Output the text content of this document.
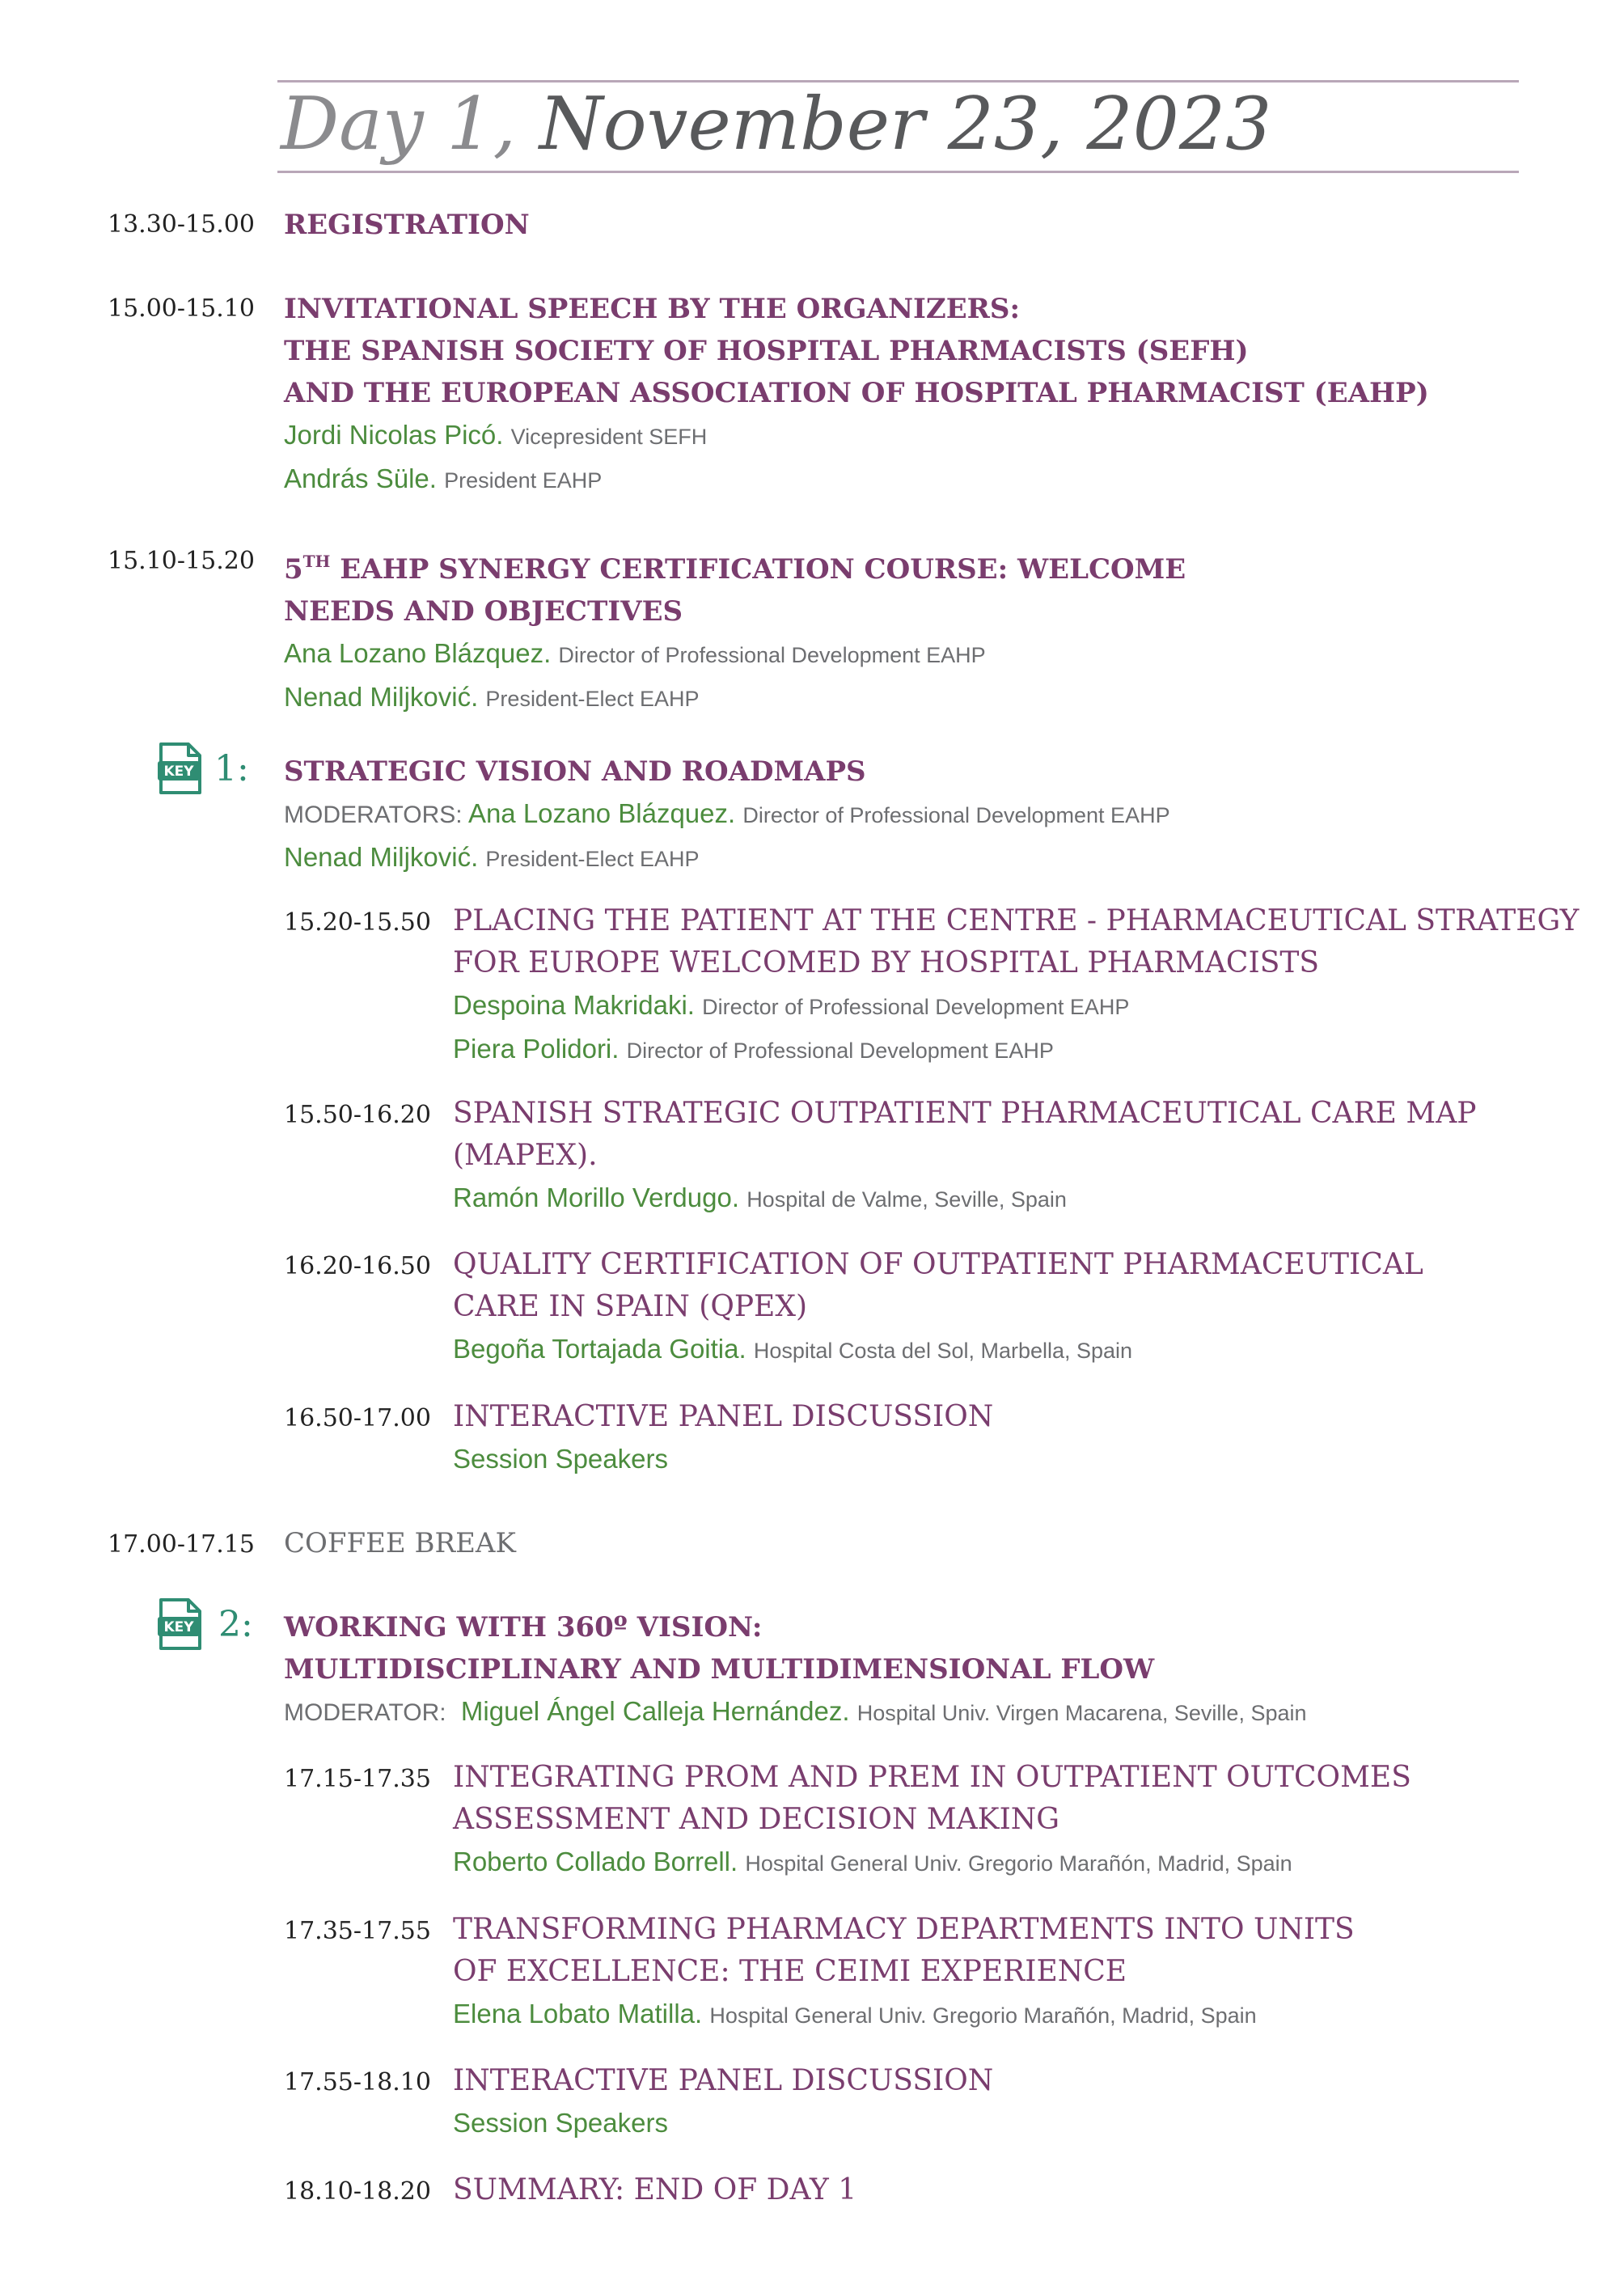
Day 1, November 23, 2023
13.30-15.00 REGISTRATION
15.00-15.10 INVITATIONAL SPEECH BY THE ORGANIZERS:
THE SPANISH SOCIETY OF HOSPITAL PHARMACISTS (SEFH)
AND THE EUROPEAN ASSOCIATION OF HOSPITAL PHARMACIST (EAHP)
Jordi Nicolas Picó. Vicepresident SEFH
András Süle. President EAHP
15.10-15.20 5TH EAHP SYNERGY CERTIFICATION COURSE: WELCOME
NEEDS AND OBJECTIVES
Ana Lozano Blázquez. Director of Professional Development EAHP
Nenad Miljković. President-Elect EAHP
KEY 1: STRATEGIC VISION AND ROADMAPS
MODERATORS: Ana Lozano Blázquez. Director of Professional Development EAHP
Nenad Miljković. President-Elect EAHP
15.20-15.50 PLACING THE PATIENT AT THE CENTRE - PHARMACEUTICAL STRATEGY
FOR EUROPE WELCOMED BY HOSPITAL PHARMACISTS
Despoina Makridaki. Director of Professional Development EAHP
Piera Polidori. Director of Professional Development EAHP
15.50-16.20 SPANISH STRATEGIC OUTPATIENT PHARMACEUTICAL CARE MAP
(MAPEX).
Ramón Morillo Verdugo. Hospital de Valme, Seville, Spain
16.20-16.50 QUALITY CERTIFICATION OF OUTPATIENT PHARMACEUTICAL
CARE IN SPAIN (QPEX)
Begoña Tortajada Goitia. Hospital Costa del Sol, Marbella, Spain
16.50-17.00 INTERACTIVE PANEL DISCUSSION
Session Speakers
17.00-17.15 COFFEE BREAK
KEY 2: WORKING WITH 360º VISION:
MULTIDISCIPLINARY AND MULTIDIMENSIONAL FLOW
MODERATOR: Miguel Ángel Calleja Hernández. Hospital Univ. Virgen Macarena, Seville, Spain
17.15-17.35 INTEGRATING PROM AND PREM IN OUTPATIENT OUTCOMES
ASSESSMENT AND DECISION MAKING
Roberto Collado Borrell. Hospital General Univ. Gregorio Marañón, Madrid, Spain
17.35-17.55 TRANSFORMING PHARMACY DEPARTMENTS INTO UNITS
OF EXCELLENCE: THE CEIMI EXPERIENCE
Elena Lobato Matilla. Hospital General Univ. Gregorio Marañón, Madrid, Spain
17.55-18.10 INTERACTIVE PANEL DISCUSSION
Session Speakers
18.10-18.20 SUMMARY: END OF DAY 1
